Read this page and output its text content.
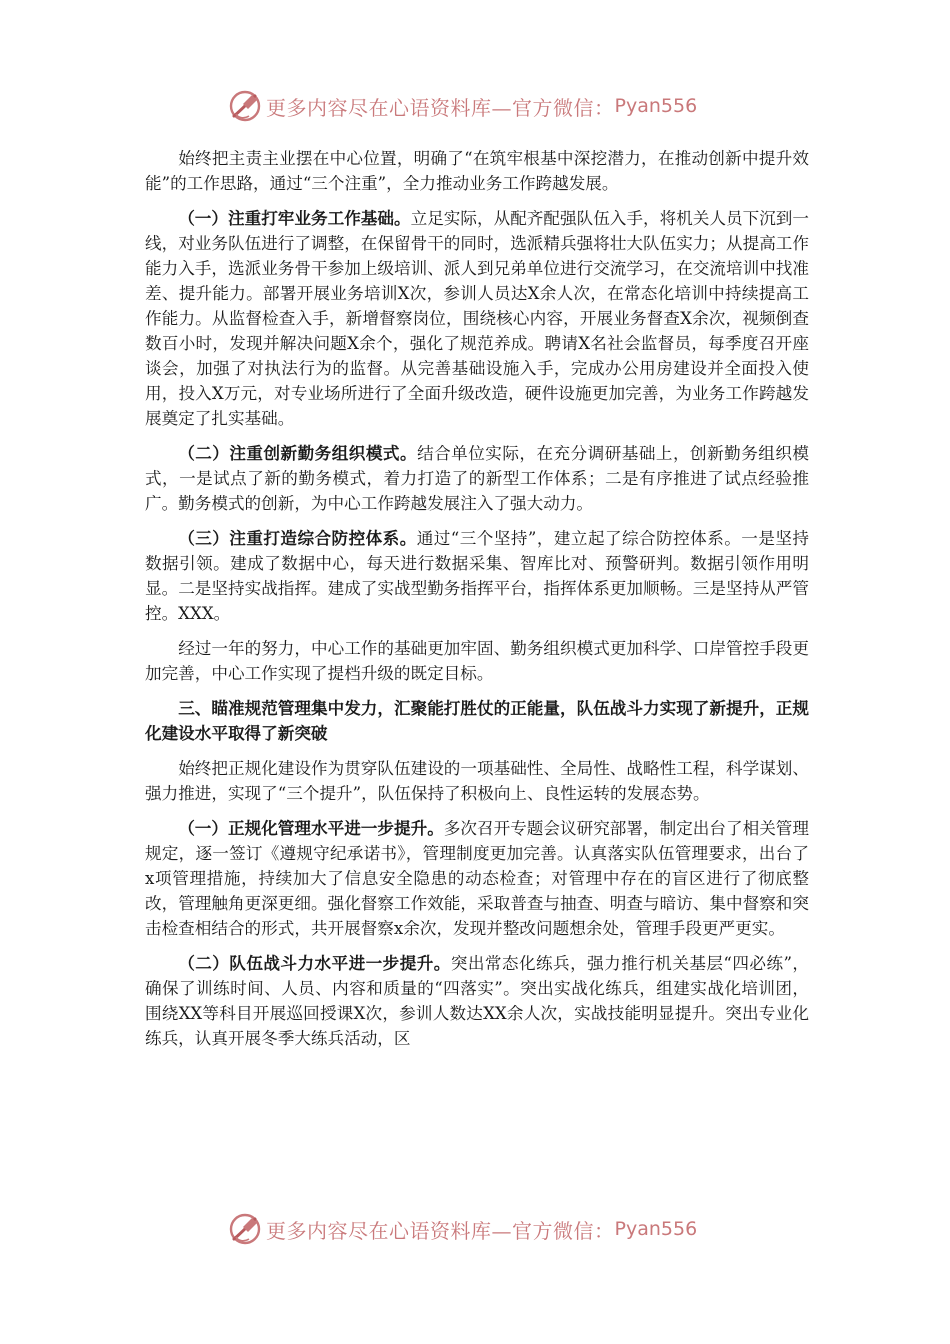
更多内容尽在心语资料库—官方微信： Pyan556

始终把主责主业摆在中心位置，明确了“在筑牢根基中深挖潜力，在推动创新中提升效能”的工作思路，通过“三个注重”，全力推动业务工作跨越发展。

（一）注重打牢业务工作基础。立足实际，从配齐配强队伍入手，将机关人员下沉到一线，对业务队伍进行了调整，在保留骨干的同时，选派精兵强将壮大队伍实力；从提高工作能力入手，选派业务骨干参加上级培训、派人到兄弟单位进行交流学习，在交流培训中找准差、提升能力。部署开展业务培训X次，参训人员达X余人次，在常态化培训中持续提高工作能力。从监督检查入手，新增督察岗位，围绕核心内容，开展业务督查X余次，视频倒查数百小时，发现并解决问题X余个，强化了规范养成。聘请X名社会监督员，每季度召开座谈会，加强了对执法行为的监督。从完善基础设施入手，完成办公用房建设并全面投入使用，投入X万元，对专业场所进行了全面升级改造，硬件设施更加完善，为业务工作跨越发展奠定了扎实基础。

（二）注重创新勤务组织模式。结合单位实际，在充分调研基础上，创新勤务组织模式，一是试点了新的勤务模式，着力打造了的新型工作体系；二是有序推进了试点经验推广。勤务模式的创新，为中心工作跨越发展注入了强大动力。

（三）注重打造综合防控体系。通过“三个坚持”，建立起了综合防控体系。一是坚持数据引领。建成了数据中心，每天进行数据采集、智库比对、预警研判。数据引领作用明显。二是坚持实战指挥。建成了实战型勤务指挥平台，指挥体系更加顺畅。三是坚持从严管控。XXX。

经过一年的努力，中心工作的基础更加牢固、勤务组织模式更加科学、口岸管控手段更加完善，中心工作实现了提档升级的既定目标。

三、瞄准规范管理集中发力，汇聚能打胜仗的正能量，队伍战斗力实现了新提升，正规化建设水平取得了新突破

始终把正规化建设作为贯穿队伍建设的一项基础性、全局性、战略性工程，科学谋划、强力推进，实现了“三个提升”，队伍保持了积极向上、良性运转的发展态势。

（一）正规化管理水平进一步提升。多次召开专题会议研究部署，制定出台了相关管理规定，逐一签订《遵规守纪承诺书》，管理制度更加完善。认真落实队伍管理要求，出台了x项管理措施，持续加大了信息安全隐患的动态检查；对管理中存在的盲区进行了彻底整改，管理触角更深更细。强化督察工作效能，采取普查与抽查、明查与暗访、集中督察和突击检查相结合的形式，共开展督察x余次，发现并整改问题想余处，管理手段更严更实。

（二）队伍战斗力水平进一步提升。突出常态化练兵，强力推行机关基层“四必练”，确保了训练时间、人员、内容和质量的“四落实”。突出实战化练兵，组建实战化培训团，围绕XX等科目开展巡回授课X次，参训人数达XX余人次，实战技能明显提升。突出专业化练兵，认真开展冬季大练兵活动，区

更多内容尽在心语资料库—官方微信： Pyan556
